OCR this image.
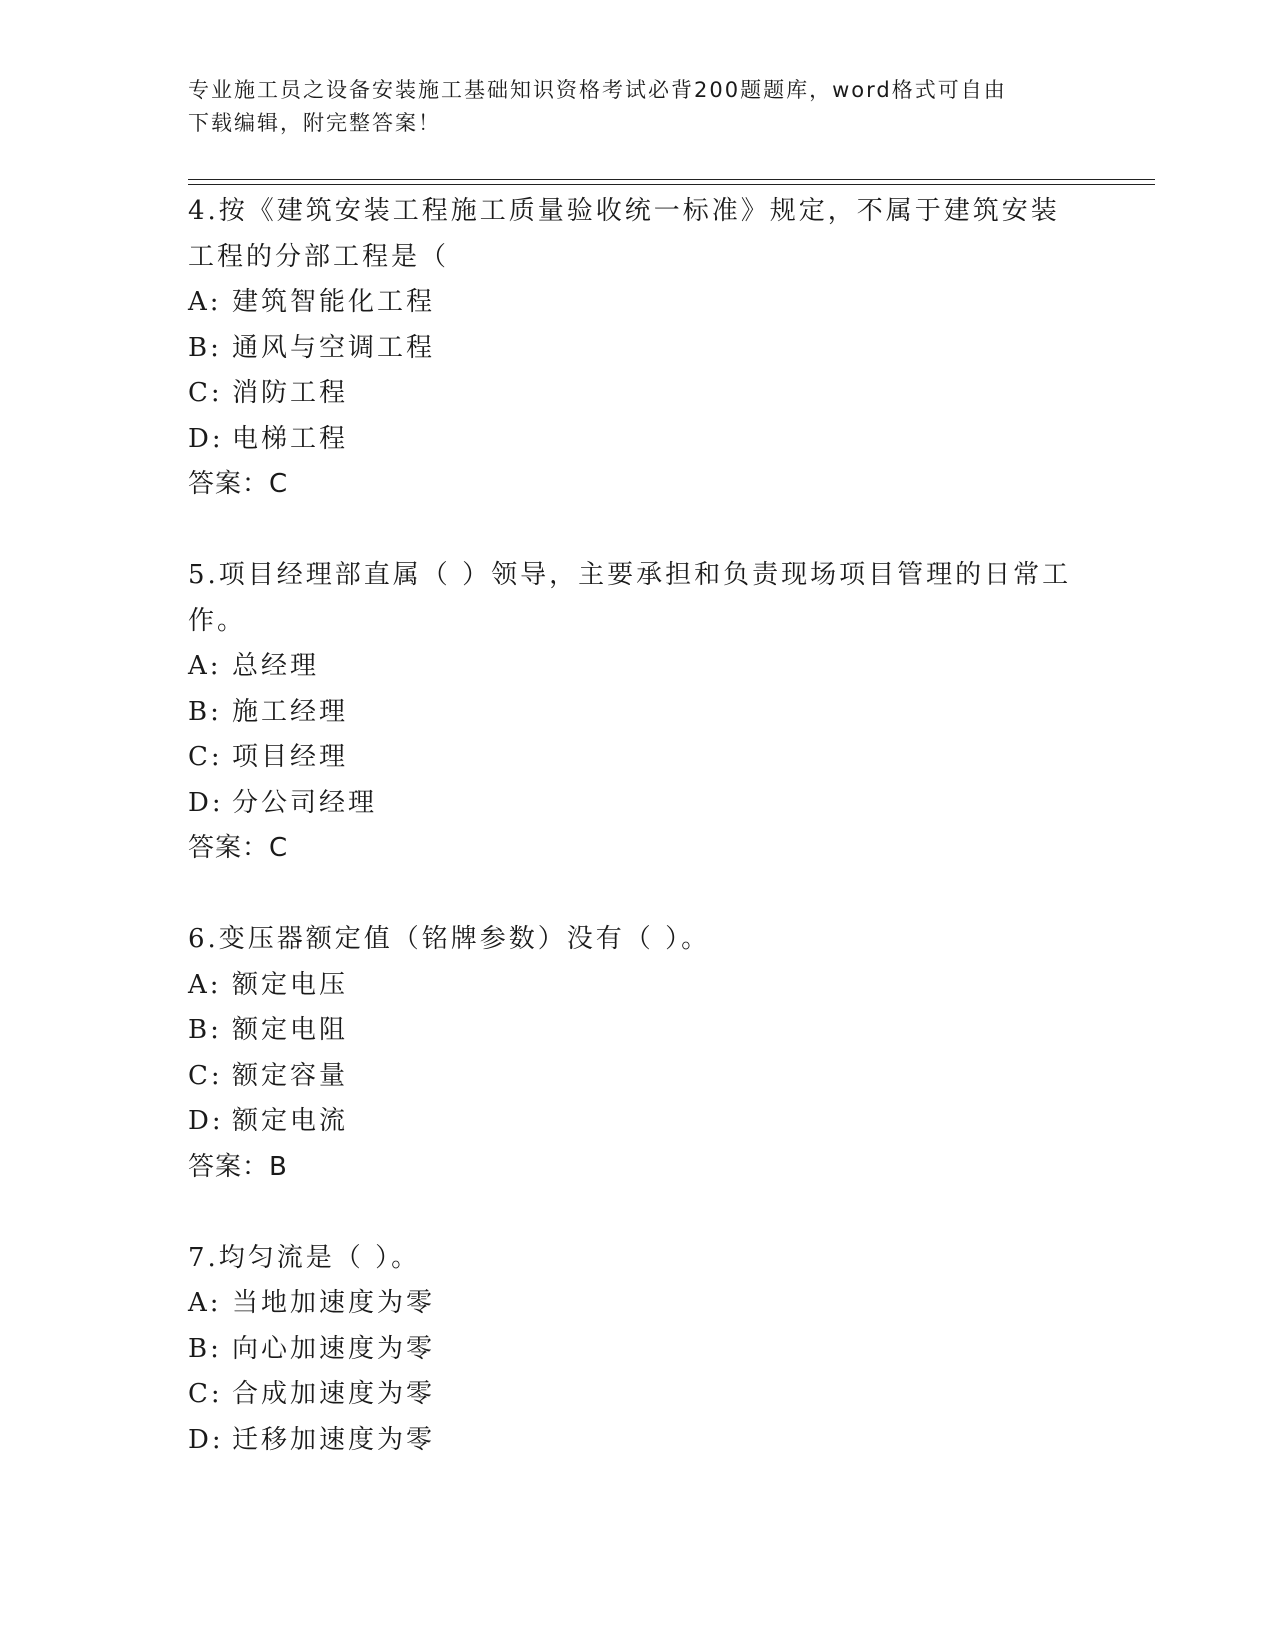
专业施工员之设备安装施工基础知识资格考试必背200题题库，word格式可自由
下载编辑，附完整答案！
4.按《建筑安装工程施工质量验收统一标准》规定，不属于建筑安装
工程的分部工程是（
A: 建筑智能化工程
B: 通风与空调工程
C: 消防工程
D: 电梯工程
答案：C
5.项目经理部直属（ ）领导，主要承担和负责现场项目管理的日常工
作。
A: 总经理
B: 施工经理
C: 项目经理
D: 分公司经理
答案：C
6.变压器额定值（铭牌参数）没有（ ）。
A: 额定电压
B: 额定电阻
C: 额定容量
D: 额定电流
答案：B
7.均匀流是（ ）。
A: 当地加速度为零
B: 向心加速度为零
C: 合成加速度为零
D: 迁移加速度为零
